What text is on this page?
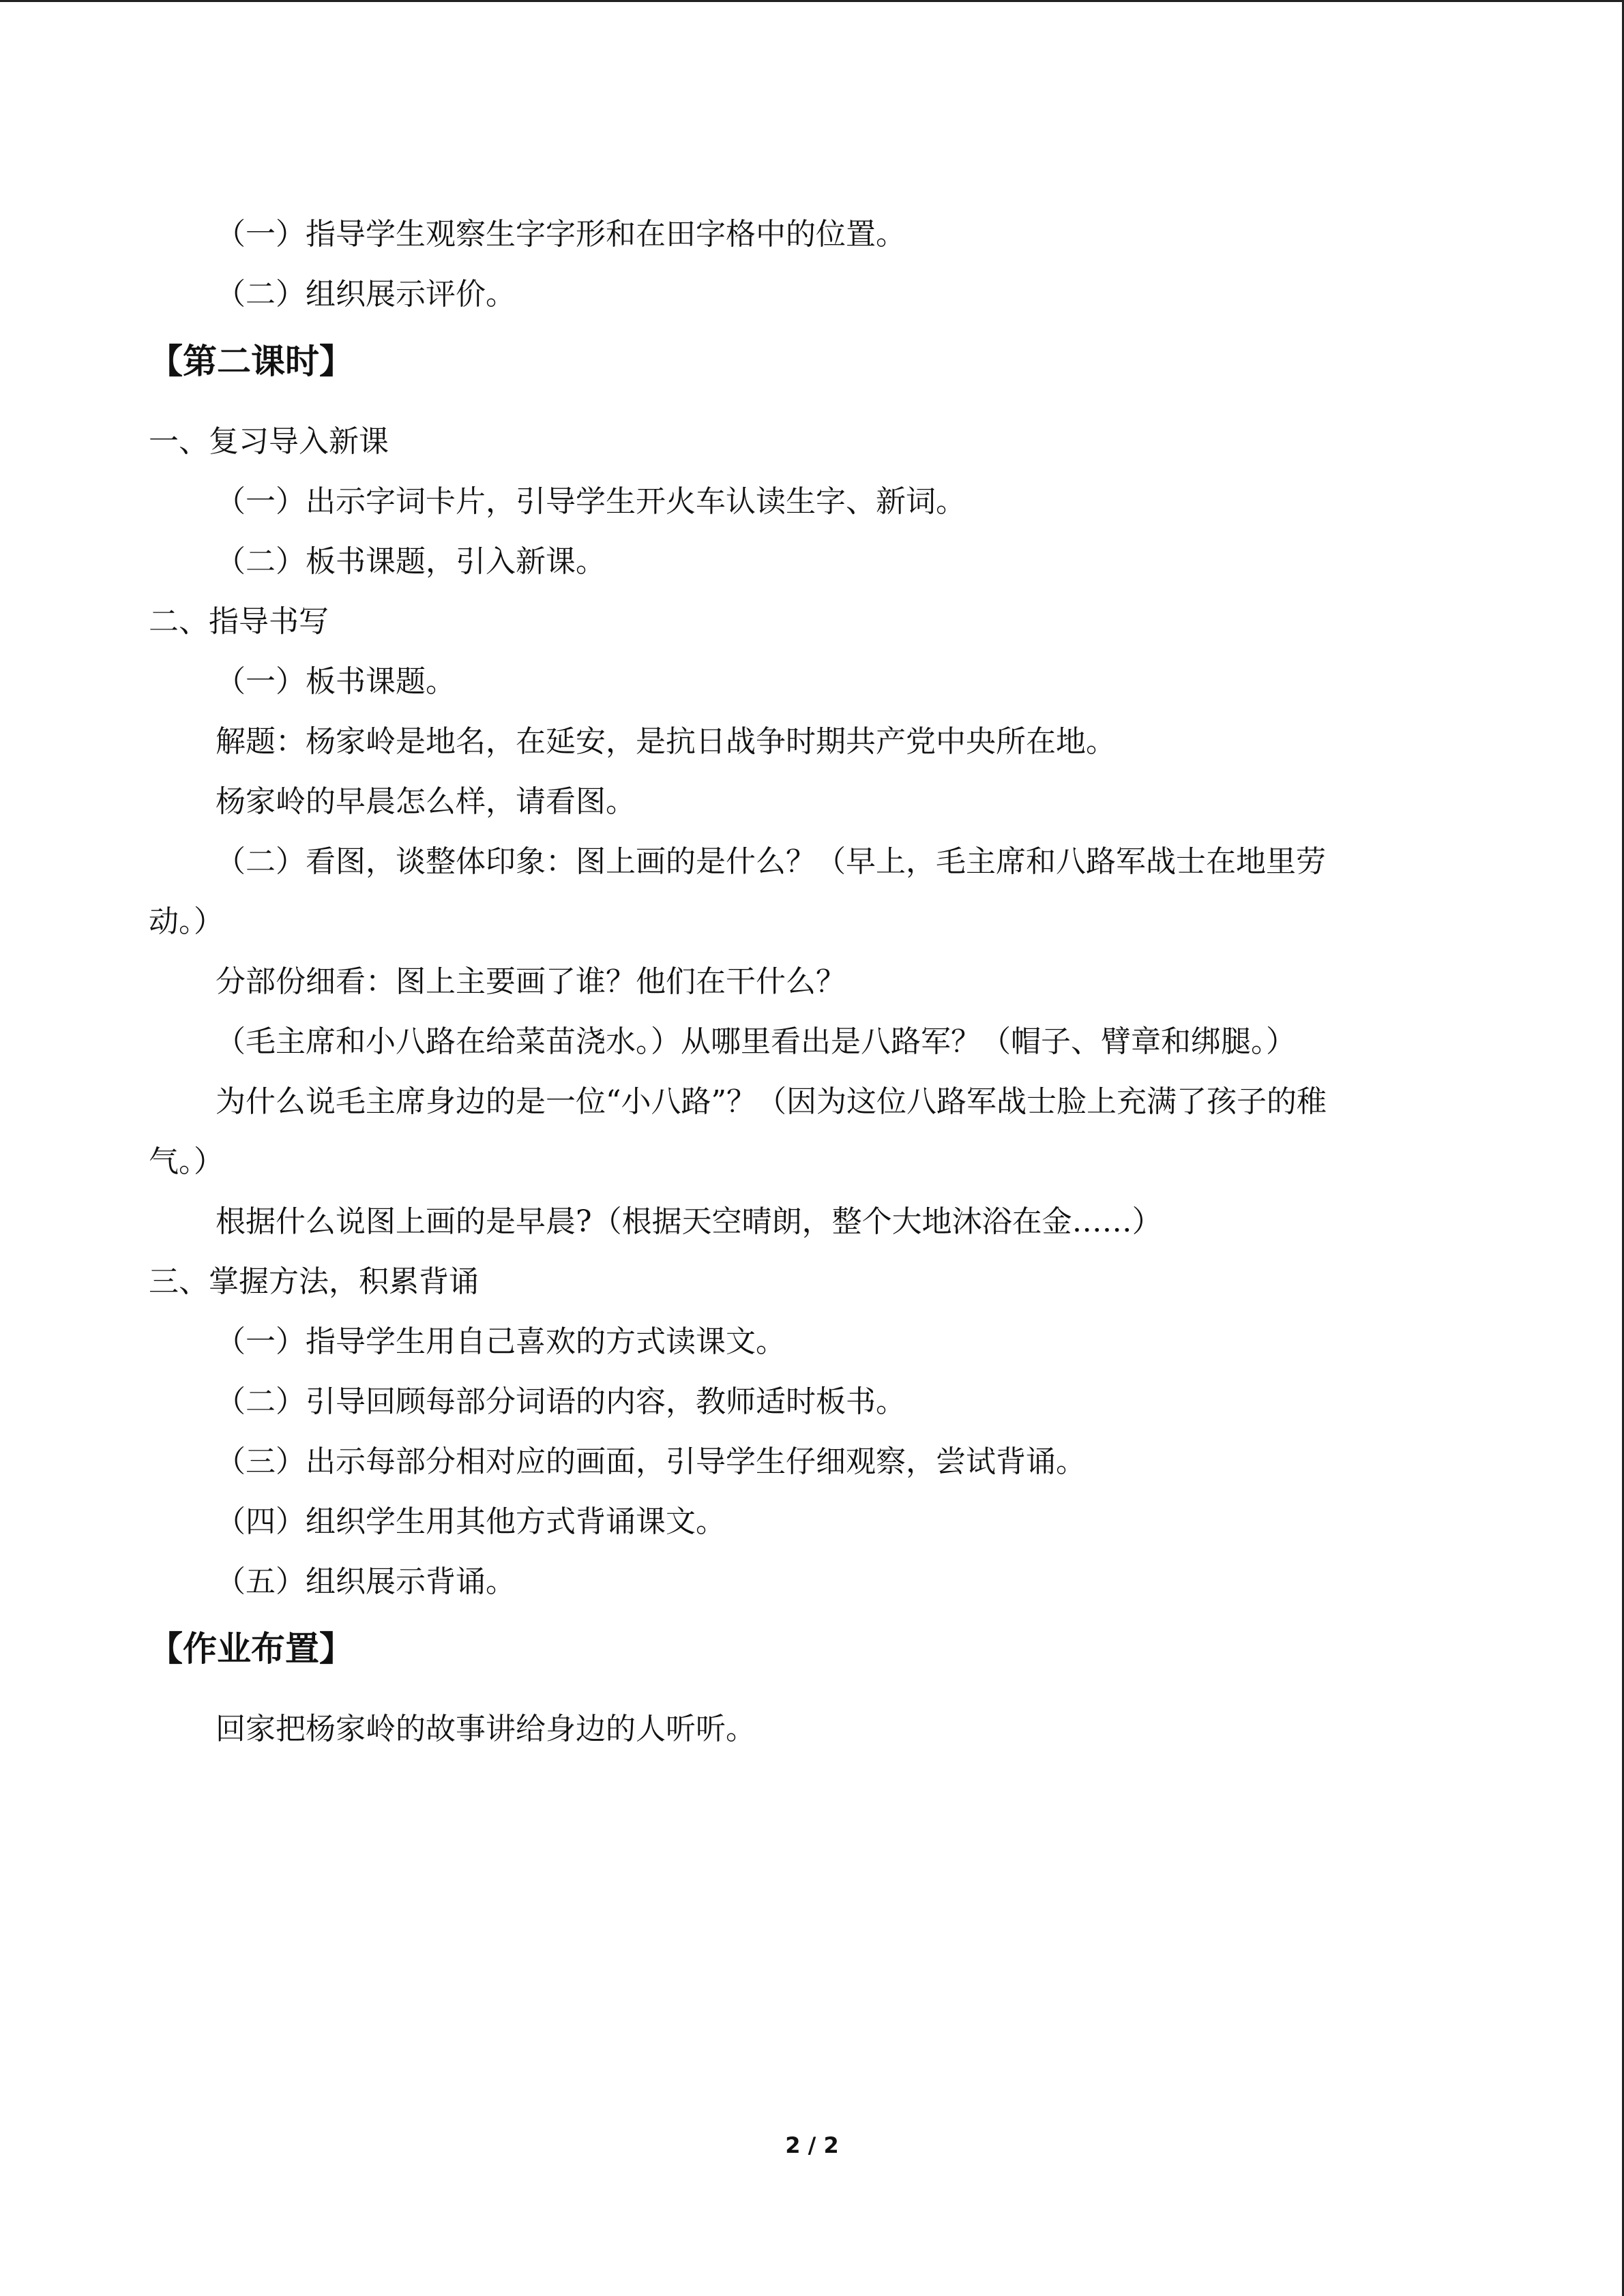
（一）指导学生观察生字字形和在田字格中的位置。
（二）组织展示评价。
【第二课时】
一、复习导入新课
（一）出示字词卡片，引导学生开火车认读生字、新词。
（二）板书课题，引入新课。
二、指导书写
（一）板书课题。
解题：杨家岭是地名，在延安，是抗日战争时期共产党中央所在地。
杨家岭的早晨怎么样，请看图。
（二）看图，谈整体印象：图上画的是什么？（早上，毛主席和八路军战士在地里劳
动。）
分部份细看：图上主要画了谁？他们在干什么？
（毛主席和小八路在给菜苗浇水。）从哪里看出是八路军？（帽子、臂章和绑腿。）
为什么说毛主席身边的是一位“小八路”？（因为这位八路军战士脸上充满了孩子的稚
气。）
根据什么说图上画的是早晨?（根据天空晴朗，整个大地沐浴在金……）
三、掌握方法，积累背诵
（一）指导学生用自己喜欢的方式读课文。
（二）引导回顾每部分词语的内容，教师适时板书。
（三）出示每部分相对应的画面，引导学生仔细观察，尝试背诵。
（四）组织学生用其他方式背诵课文。
（五）组织展示背诵。
【作业布置】
回家把杨家岭的故事讲给身边的人听听。
2 / 2
